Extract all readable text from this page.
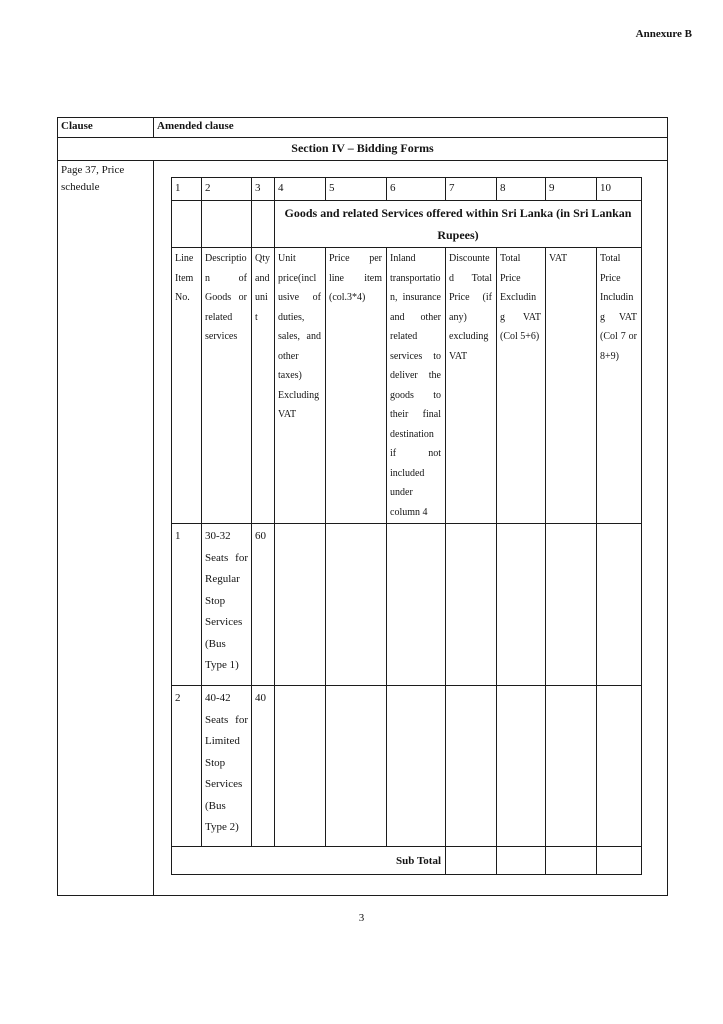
Annexure B
Clause	Amended clause
Section IV – Bidding Forms
Page 37, Price schedule		1	2	3	4	5	6	7	8	9	10
			Goods and related Services offered within Sri Lanka (in Sri Lankan Rupees)
Line Item No.	Description of Goods or related services	Qty and unit	Unit price(inclusive of duties, sales, and other taxes) Excluding VAT	Price per line item (col.3*4)	Inland transportation, insurance and other related services to deliver the goods to their final destination if not included under column 4	Discounted Total Price (if any) excluding VAT	Total Price Excluding VAT (Col 5+6)	VAT	Total Price Including VAT (Col 7 or 8+9)
1	30-32 Seats for Regular Stop Services (Bus Type 1)	60							
2	40-42 Seats for Limited Stop Services (Bus Type 2)	40							
Sub Total				
3
